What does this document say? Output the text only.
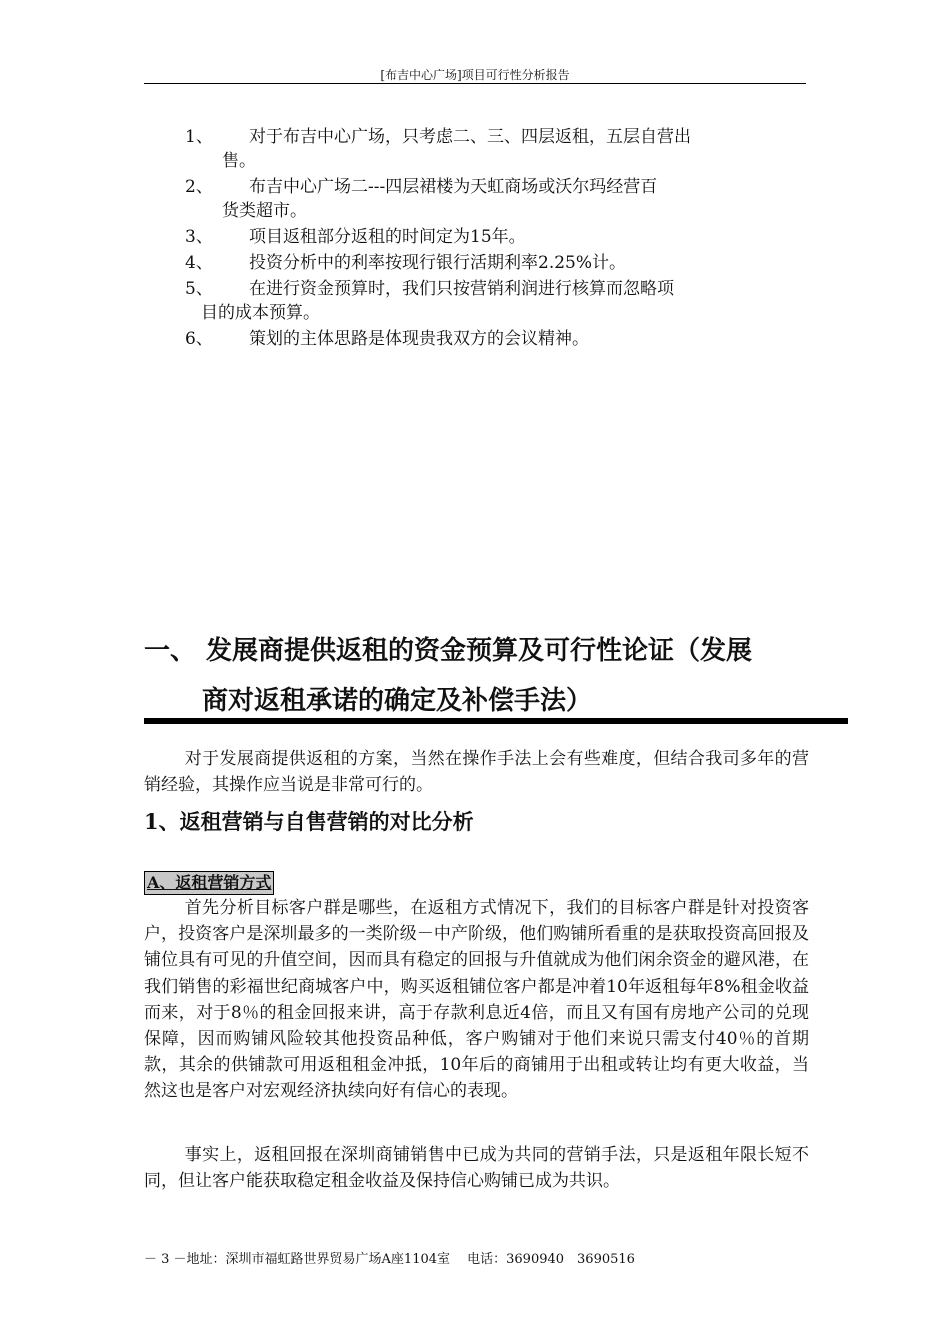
[布吉中心广场]项目可行性分析报告
1、	对于布吉中心广场，只考虑二、三、四层返租，五层自营出
售。
2、	布吉中心广场二---四层裙楼为天虹商场或沃尔玛经营百
货类超市。
3、	项目返租部分返租的时间定为15年。
4、	投资分析中的利率按现行银行活期利率2.25%计。
5、	在进行资金预算时，我们只按营销利润进行核算而忽略项
目的成本预算。
6、	策划的主体思路是体现贵我双方的会议精神。
一、 发展商提供返租的资金预算及可行性论证（发展
商对返租承诺的确定及补偿手法）
对于发展商提供返租的方案，当然在操作手法上会有些难度，但结合我司多年的营销经验，其操作应当说是非常可行的。
1、返租营销与自售营销的对比分析
A、返租营销方式
首先分析目标客户群是哪些，在返租方式情况下，我们的目标客户群是针对投资客户，投资客户是深圳最多的一类阶级－中产阶级，他们购铺所看重的是获取投资高回报及铺位具有可见的升值空间，因而具有稳定的回报与升值就成为他们闲余资金的避风港，在我们销售的彩福世纪商城客户中，购买返租铺位客户都是冲着10年返租每年8%租金收益而来，对于8％的租金回报来讲，高于存款利息近4倍，而且又有国有房地产公司的兑现保障，因而购铺风险较其他投资品种低，客户购铺对于他们来说只需支付40％的首期款，其余的供铺款可用返租租金冲抵，10年后的商铺用于出租或转让均有更大收益，当然这也是客户对宏观经济执续向好有信心的表现。
事实上，返租回报在深圳商铺销售中已成为共同的营销手法，只是返租年限长短不同，但让客户能获取稳定租金收益及保持信心购铺已成为共识。
－ 3 －地址：深圳市福虹路世界贸易广场A座1104室　 电话：3690940　3690516
